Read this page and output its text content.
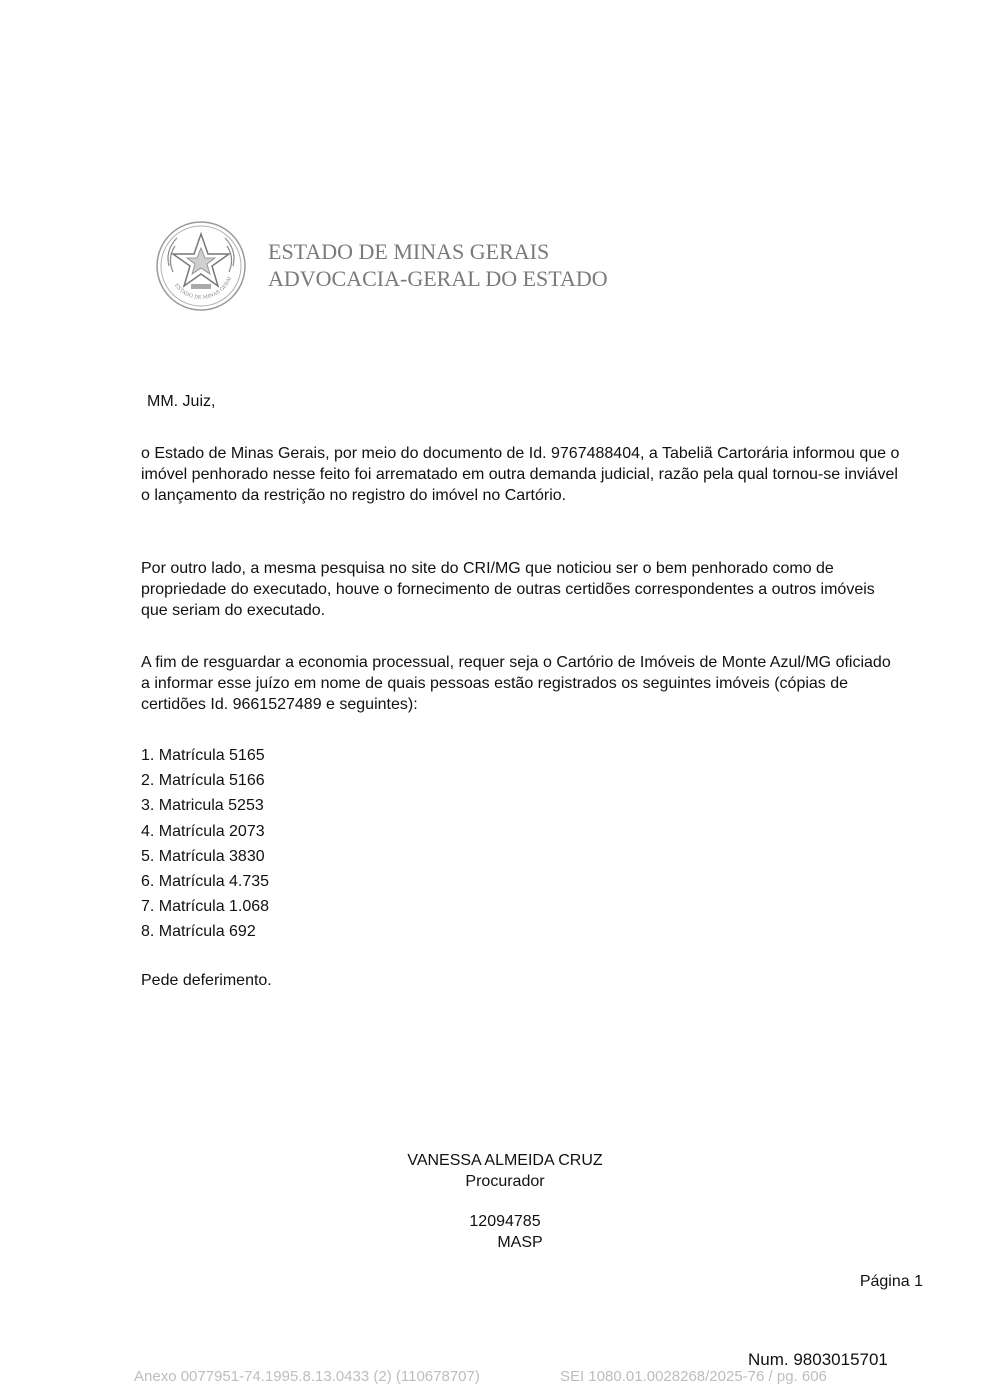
ESTADO DE MINAS GERAI
ESTADO DE MINAS GERAIS
ADVOCACIA-GERAL DO ESTADO
MM. Juiz,
o Estado de Minas Gerais, por meio do documento de Id. 9767488404, a Tabeliã Cartorária informou que o imóvel penhorado nesse feito foi arrematado em outra demanda judicial, razão pela qual tornou-se inviável o lançamento da restrição no registro do imóvel no Cartório.
Por outro lado, a mesma pesquisa no site do CRI/MG que noticiou ser o bem penhorado como de propriedade do executado, houve o fornecimento de outras certidões correspondentes a outros imóveis que seriam do executado.
A fim de resguardar a economia processual, requer seja o Cartório de Imóveis de Monte Azul/MG oficiado a informar esse juízo em nome de quais pessoas estão registrados os seguintes imóveis (cópias de certidões Id. 9661527489 e seguintes):
1. Matrícula 5165
2. Matrícula 5166
3. Matricula 5253
4. Matrícula 2073
5. Matrícula 3830
6. Matrícula 4.735
7. Matrícula 1.068
8. Matrícula 692
Pede deferimento.
VANESSA ALMEIDA CRUZ
Procurador
12094785
MASP
Página 1
Num. 9803015701
Anexo 0077951-74.1995.8.13.0433 (2) (110678707)	SEI 1080.01.0028268/2025-76 / pg. 606
